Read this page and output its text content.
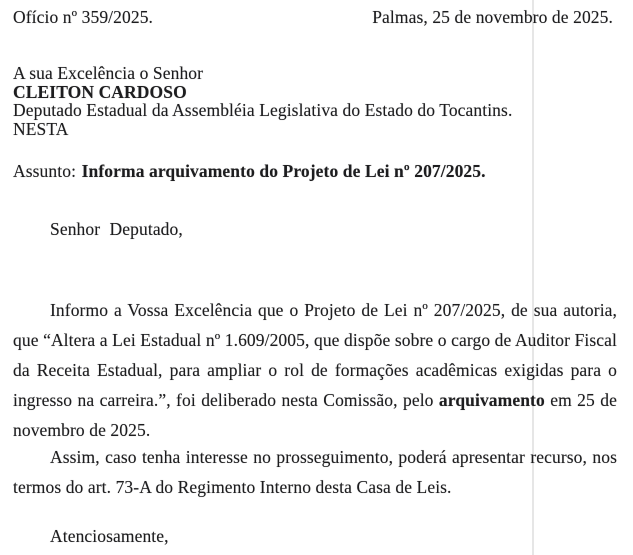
Ofício nº 359/2025.	Palmas, 25 de novembro de 2025.
A sua Excelência o Senhor
CLEITON CARDOSO
Deputado Estadual da Assembléia Legislativa do Estado do Tocantins.
NESTA
Assunto: Informa arquivamento do Projeto de Lei nº 207/2025.
Senhor Deputado,
Informo a Vossa Excelência que o Projeto de Lei nº 207/2025, de sua autoria, que “Altera a Lei Estadual nº 1.609/2005, que dispõe sobre o cargo de Auditor Fiscal da Receita Estadual, para ampliar o rol de formações acadêmicas exigidas para o ingresso na carreira.”, foi deliberado nesta Comissão, pelo arquivamento em 25 de novembro de 2025.
Assim, caso tenha interesse no prosseguimento, poderá apresentar recurso, nos termos do art. 73-A do Regimento Interno desta Casa de Leis.
Atenciosamente,
